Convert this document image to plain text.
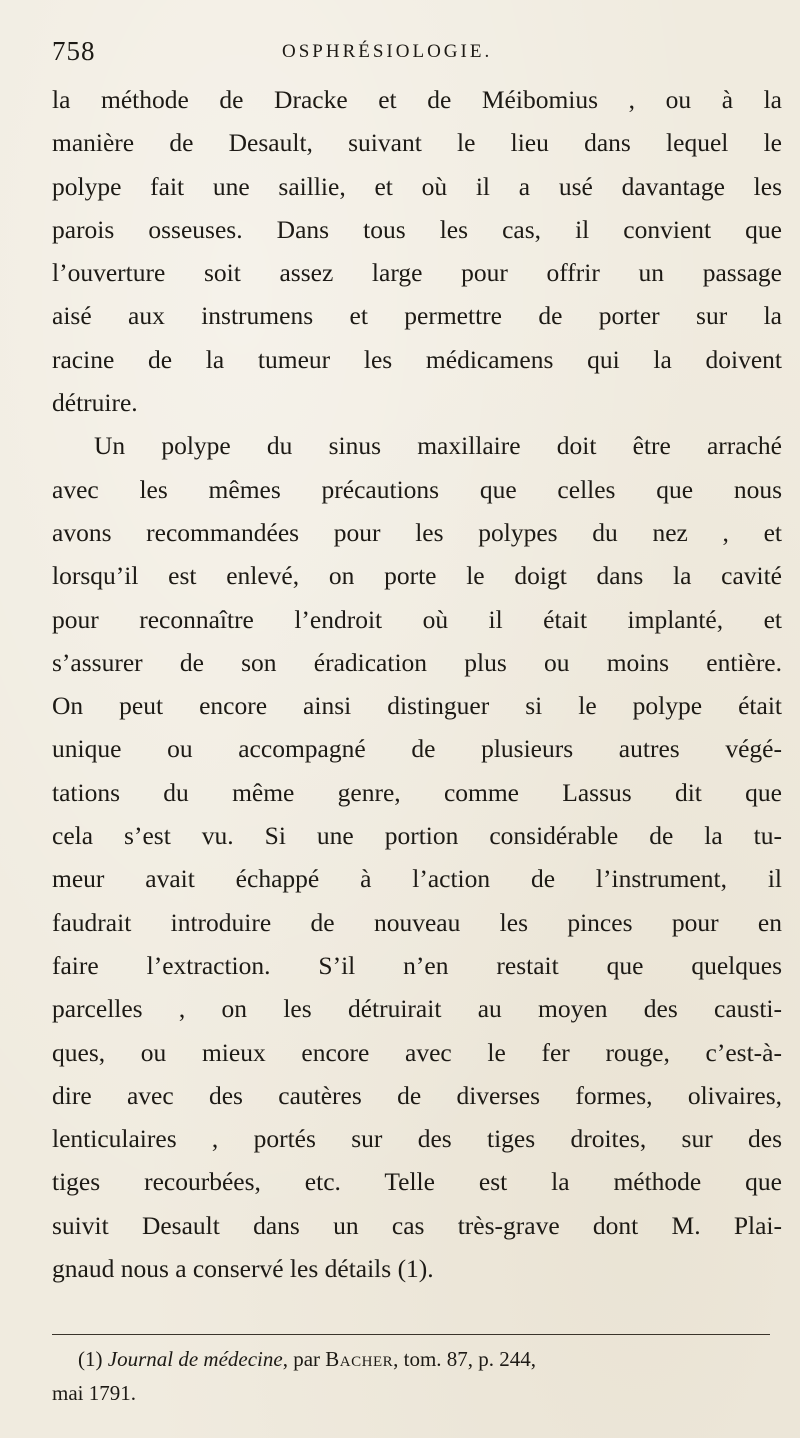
758	OSPHRÉSIOLOGIE.
la méthode de Dracke et de Méibomius , ou à la
manière de Desault, suivant le lieu dans lequel le
polype fait une saillie, et où il a usé davantage les
parois osseuses. Dans tous les cas, il convient que
l’ouverture soit assez large pour offrir un passage
aisé aux instrumens et permettre de porter sur la
racine de la tumeur les médicamens qui la doivent
détruire.
Un polype du sinus maxillaire doit être arraché
avec les mêmes précautions que celles que nous
avons recommandées pour les polypes du nez , et
lorsqu’il est enlevé, on porte le doigt dans la cavité
pour reconnaître l’endroit où il était implanté, et
s’assurer de son éradication plus ou moins entière.
On peut encore ainsi distinguer si le polype était
unique ou accompagné de plusieurs autres végé-
tations du même genre, comme Lassus dit que
cela s’est vu. Si une portion considérable de la tu-
meur avait échappé à l’action de l’instrument, il
faudrait introduire de nouveau les pinces pour en
faire l’extraction. S’il n’en restait que quelques
parcelles , on les détruirait au moyen des causti-
ques, ou mieux encore avec le fer rouge, c’est-à-
dire avec des cautères de diverses formes, olivaires,
lenticulaires , portés sur des tiges droites, sur des
tiges recourbées, etc. Telle est la méthode que
suivit Desault dans un cas très-grave dont M. Plai-
gnaud nous a conservé les détails (1).
(1) Journal de médecine, par Bacher, tom. 87, p. 244,
mai 1791.
